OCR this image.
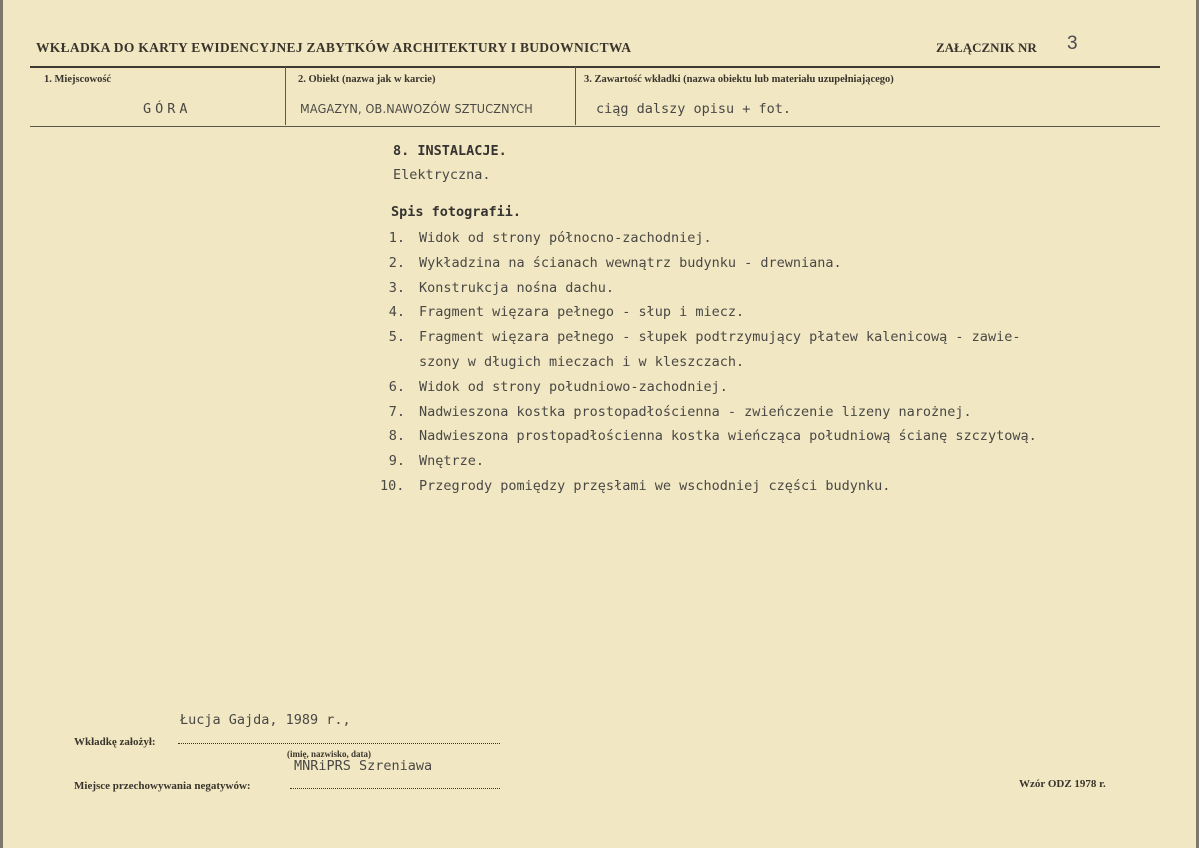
WKŁADKA DO KARTY EWIDENCYJNEJ ZABYTKÓW ARCHITEKTURY I BUDOWNICTWA	ZAŁĄCZNIK NR 3
1. Miejscowość
GÓRA
2. Obiekt (nazwa jak w karcie)
MAGAZYN, OB.NAWOZÓW SZTUCZNYCH
3. Zawartość wkładki (nazwa obiektu lub materiału uzupełniającego)
ciąg dalszy opisu + fot.
8. INSTALACJE.
Elektryczna.
Spis fotografii.
1. Widok od strony północno-zachodniej.
2. Wykładzina na ścianach wewnątrz budynku - drewniana.
3. Konstrukcja nośna dachu.
4. Fragment więzara pełnego - słup i miecz.
5. Fragment więzara pełnego - słupek podtrzymujący płatew kalenicową - zawie-
szony w długich mieczach i w kleszczach.
6. Widok od strony południowo-zachodniej.
7. Nadwieszona kostka prostopadłościenna - zwieńczenie lizeny narożnej.
8. Nadwieszona prostopadłościenna kostka wieńcząca południową ścianę szczytową.
9. Wnętrze.
10. Przegrody pomiędzy przęsłami we wschodniej części budynku.
Łucja Gajda, 1989 r.,
Wkładkę założył:
(imię, nazwisko, data)
MNRiPRS Szreniawa
Miejsce przechowywania negatywów:	Wzór ODZ 1978 r.
